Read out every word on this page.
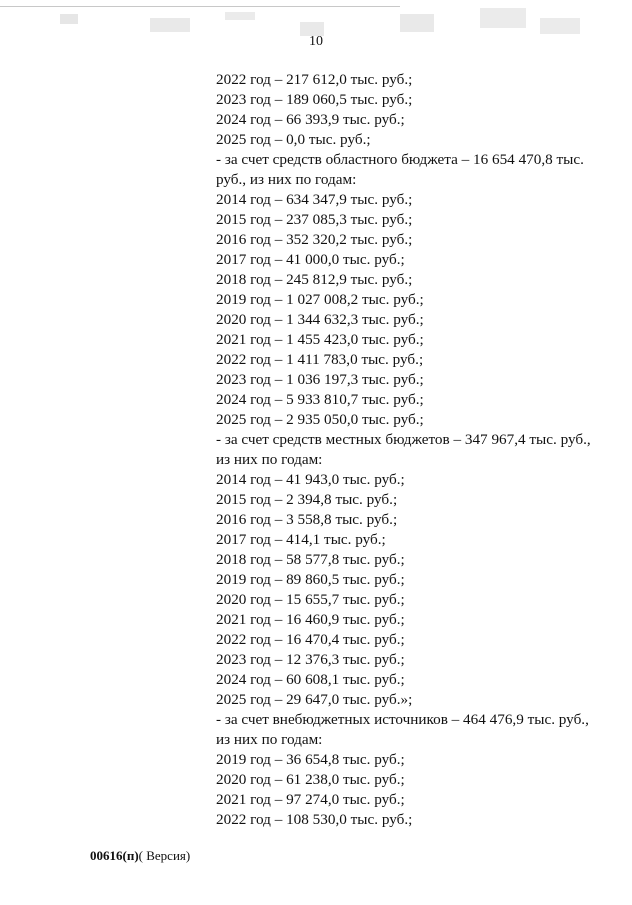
10
2022 год – 217 612,0 тыс. руб.;
2023 год – 189 060,5 тыс. руб.;
2024 год – 66 393,9 тыс. руб.;
2025 год – 0,0 тыс. руб.;
- за счет средств областного бюджета – 16 654 470,8 тыс.
руб., из них по годам:
2014 год – 634 347,9 тыс. руб.;
2015 год – 237 085,3 тыс. руб.;
2016 год – 352 320,2 тыс. руб.;
2017 год – 41 000,0 тыс. руб.;
2018 год – 245 812,9 тыс. руб.;
2019 год – 1 027 008,2 тыс. руб.;
2020 год – 1 344 632,3 тыс. руб.;
2021 год – 1 455 423,0 тыс. руб.;
2022 год – 1 411 783,0 тыс. руб.;
2023 год – 1 036 197,3 тыс. руб.;
2024 год – 5 933 810,7 тыс. руб.;
2025 год – 2 935 050,0 тыс. руб.;
- за счет средств местных бюджетов – 347 967,4 тыс. руб.,
из них по годам:
2014 год – 41 943,0 тыс. руб.;
2015 год – 2 394,8 тыс. руб.;
2016 год – 3 558,8 тыс. руб.;
2017 год – 414,1 тыс. руб.;
2018 год – 58 577,8 тыс. руб.;
2019 год – 89 860,5 тыс. руб.;
2020 год – 15 655,7 тыс. руб.;
2021 год – 16 460,9 тыс. руб.;
2022 год – 16 470,4 тыс. руб.;
2023 год – 12 376,3 тыс. руб.;
2024 год – 60 608,1 тыс. руб.;
2025 год – 29 647,0 тыс. руб.»;
- за счет внебюджетных источников – 464 476,9 тыс. руб.,
из них по годам:
2019 год – 36 654,8 тыс. руб.;
2020 год – 61 238,0 тыс. руб.;
2021 год – 97 274,0 тыс. руб.;
2022 год – 108 530,0 тыс. руб.;
00616(п)( Версия)
